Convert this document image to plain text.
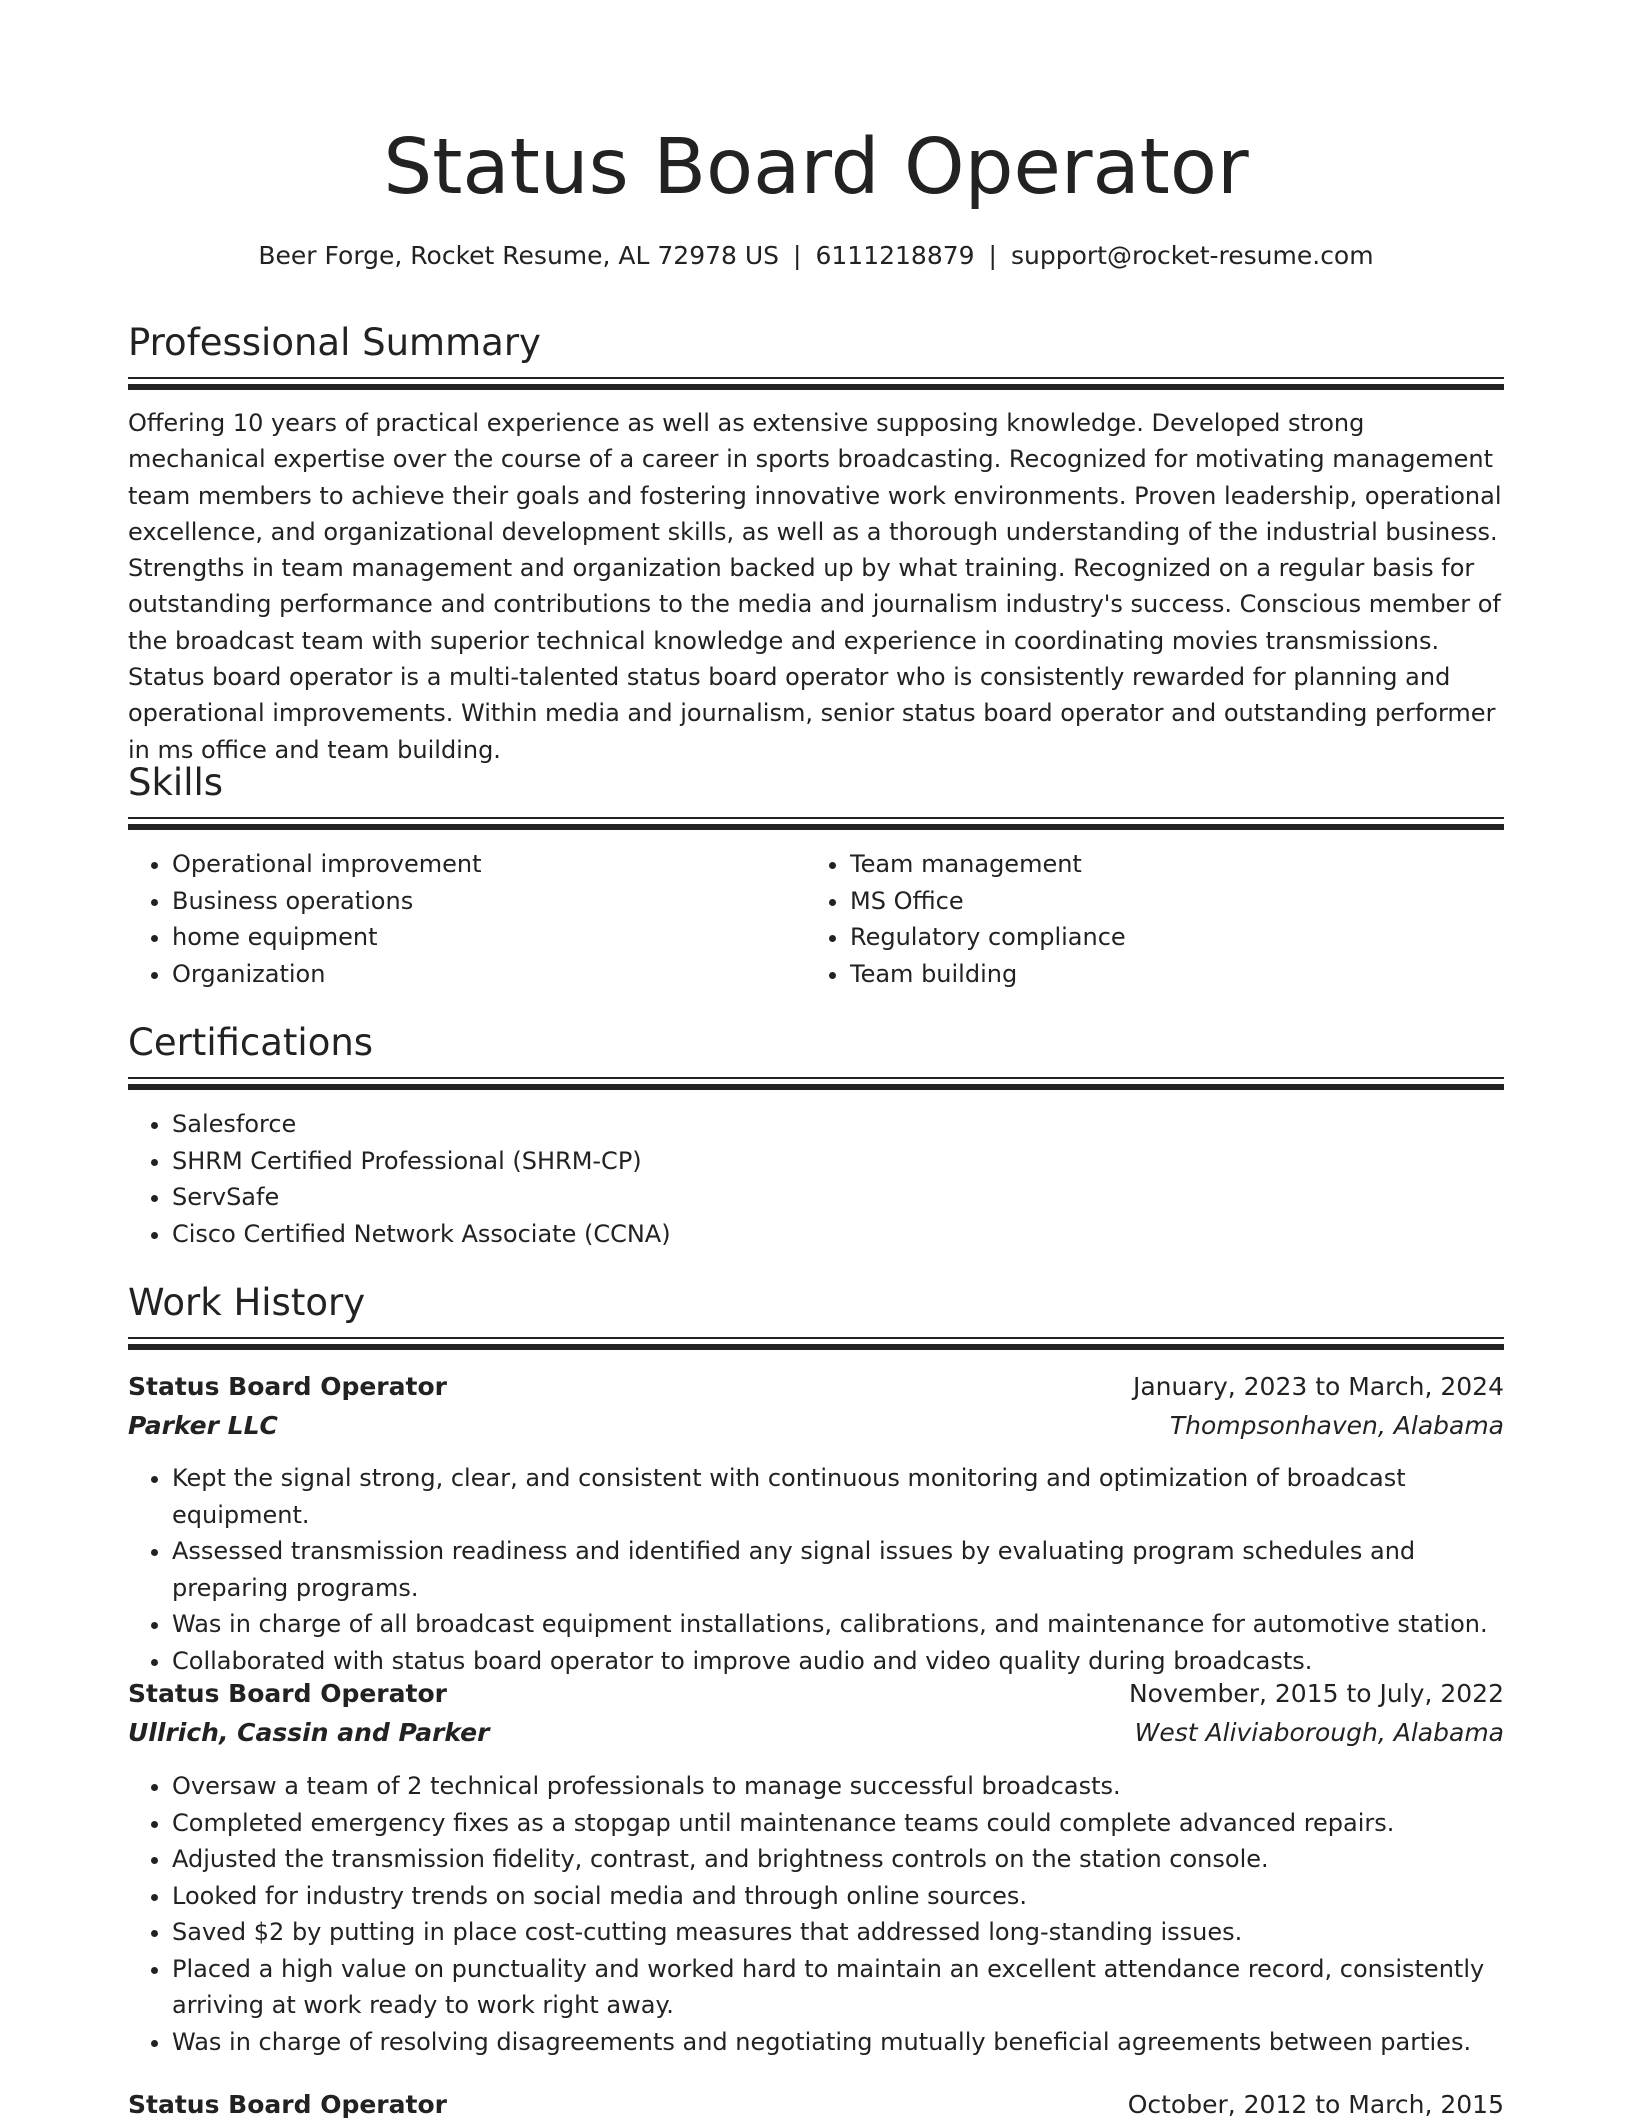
Status Board Operator
Beer Forge, Rocket Resume, AL 72978 US | 6111218879 | support@rocket-resume.com
Professional Summary

Offering 10 years of practical experience as well as extensive supposing knowledge. Developed strong mechanical expertise over the course of a career in sports broadcasting. Recognized for motivating management team members to achieve their goals and fostering innovative work environments. Proven leadership, operational excellence, and organizational development skills, as well as a thorough understanding of the industrial business. Strengths in team management and organization backed up by what training. Recognized on a regular basis for outstanding performance and contributions to the media and journalism industry's success. Conscious member of the broadcast team with superior technical knowledge and experience in coordinating movies transmissions. Status board operator is a multi-talented status board operator who is consistently rewarded for planning and operational improvements. Within media and journalism, senior status board operator and outstanding performer in ms office and team building.

Skills
• Operational improvement
• Business operations
• home equipment
• Organization
• Team management
• MS Office
• Regulatory compliance
• Team building
Certifications
• Salesforce
• SHRM Certified Professional (SHRM-CP)
• ServSafe
• Cisco Certified Network Associate (CCNA)
Work History
Status Board Operator	January, 2023 to March, 2024
Parker LLC	Thompsonhaven, Alabama
• Kept the signal strong, clear, and consistent with continuous monitoring and optimization of broadcast equipment.
• Assessed transmission readiness and identified any signal issues by evaluating program schedules and preparing programs.
• Was in charge of all broadcast equipment installations, calibrations, and maintenance for automotive station.
• Collaborated with status board operator to improve audio and video quality during broadcasts.
Status Board Operator	November, 2015 to July, 2022
Ullrich, Cassin and Parker	West Aliviaborough, Alabama
• Oversaw a team of 2 technical professionals to manage successful broadcasts.
• Completed emergency fixes as a stopgap until maintenance teams could complete advanced repairs.
• Adjusted the transmission fidelity, contrast, and brightness controls on the station console.
• Looked for industry trends on social media and through online sources.
• Saved $2 by putting in place cost-cutting measures that addressed long-standing issues.
• Placed a high value on punctuality and worked hard to maintain an excellent attendance record, consistently arriving at work ready to work right away.
• Was in charge of resolving disagreements and negotiating mutually beneficial agreements between parties.
Status Board Operator	October, 2012 to March, 2015
